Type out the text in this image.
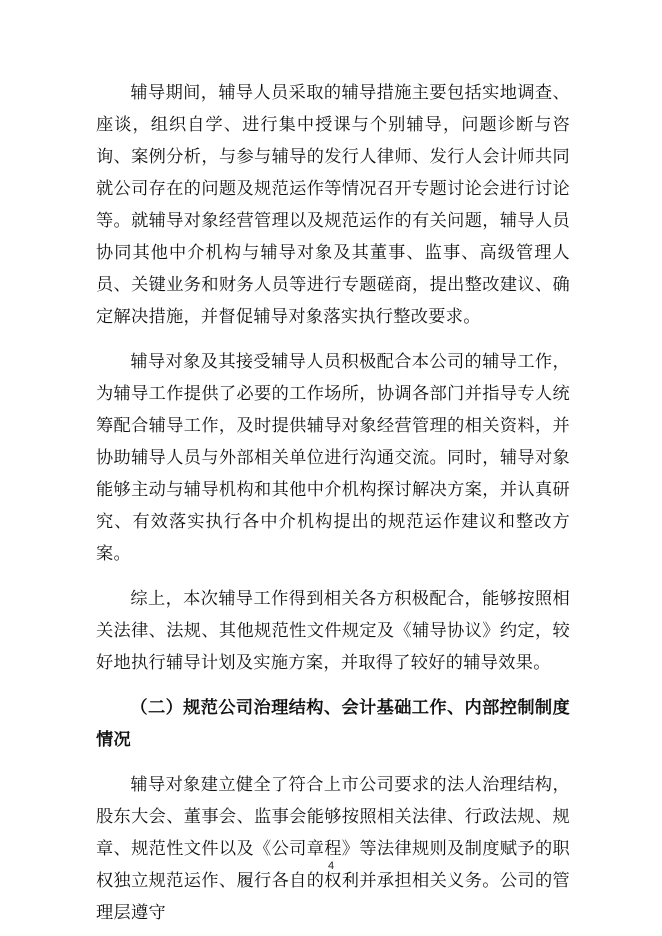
辅导期间，辅导人员采取的辅导措施主要包括实地调查、座谈，组织自学、进行集中授课与个别辅导，问题诊断与咨询、案例分析，与参与辅导的发行人律师、发行人会计师共同就公司存在的问题及规范运作等情况召开专题讨论会进行讨论等。就辅导对象经营管理以及规范运作的有关问题，辅导人员协同其他中介机构与辅导对象及其董事、监事、高级管理人员、关键业务和财务人员等进行专题磋商，提出整改建议、确定解决措施，并督促辅导对象落实执行整改要求。

辅导对象及其接受辅导人员积极配合本公司的辅导工作，为辅导工作提供了必要的工作场所，协调各部门并指导专人统筹配合辅导工作，及时提供辅导对象经营管理的相关资料，并协助辅导人员与外部相关单位进行沟通交流。同时，辅导对象能够主动与辅导机构和其他中介机构探讨解决方案，并认真研究、有效落实执行各中介机构提出的规范运作建议和整改方案。

综上，本次辅导工作得到相关各方积极配合，能够按照相关法律、法规、其他规范性文件规定及《辅导协议》约定，较好地执行辅导计划及实施方案，并取得了较好的辅导效果。

（二）规范公司治理结构、会计基础工作、内部控制制度情况

辅导对象建立健全了符合上市公司要求的法人治理结构，股东大会、董事会、监事会能够按照相关法律、行政法规、规章、规范性文件以及《公司章程》等法律规则及制度赋予的职权独立规范运作、履行各自的权利并承担相关义务。公司的管理层遵守

4
